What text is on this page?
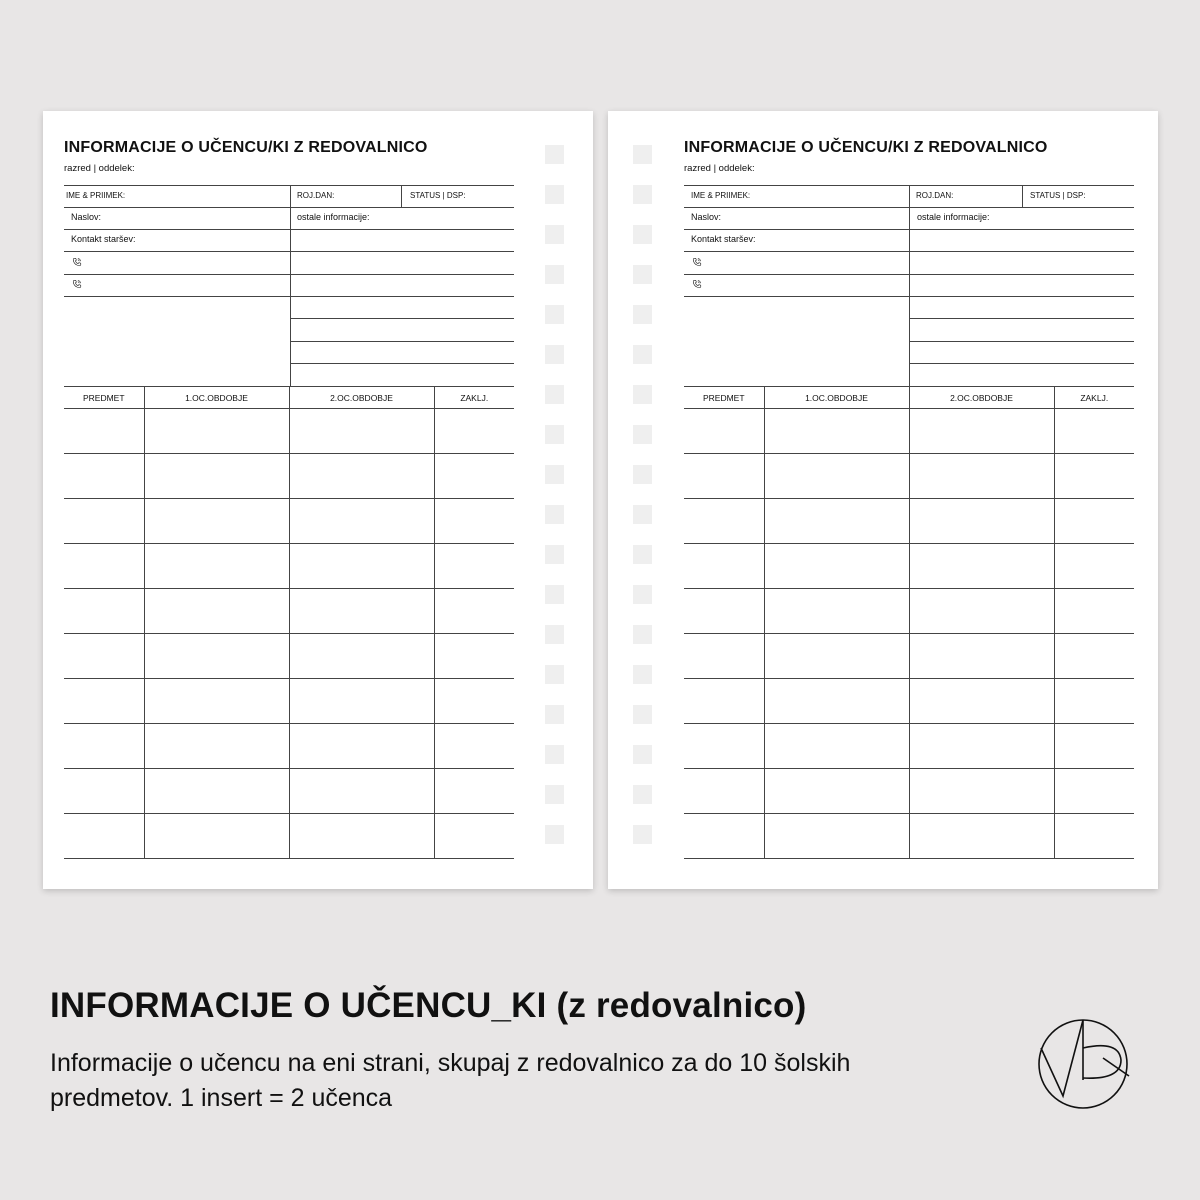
INFORMACIJE O UČENCU/KI Z REDOVALNICO
razred | oddelek:
IME & PRIIMEK:	ROJ.DAN:	STATUS | DSP:
Naslov:	ostale informacije:
Kontakt staršev:
PREDMET	1.OC.OBDOBJE	2.OC.OBDOBJE	ZAKLJ.

INFORMACIJE O UČENCU/KI Z REDOVALNICO
razred | oddelek:
IME & PRIIMEK:	ROJ.DAN:	STATUS | DSP:
Naslov:	ostale informacije:
Kontakt staršev:
PREDMET	1.OC.OBDOBJE	2.OC.OBDOBJE	ZAKLJ.

INFORMACIJE O UČENCU_KI (z redovalnico)
Informacije o učencu na eni strani, skupaj z redovalnico za do 10 šolskih predmetov. 1 insert = 2 učenca
